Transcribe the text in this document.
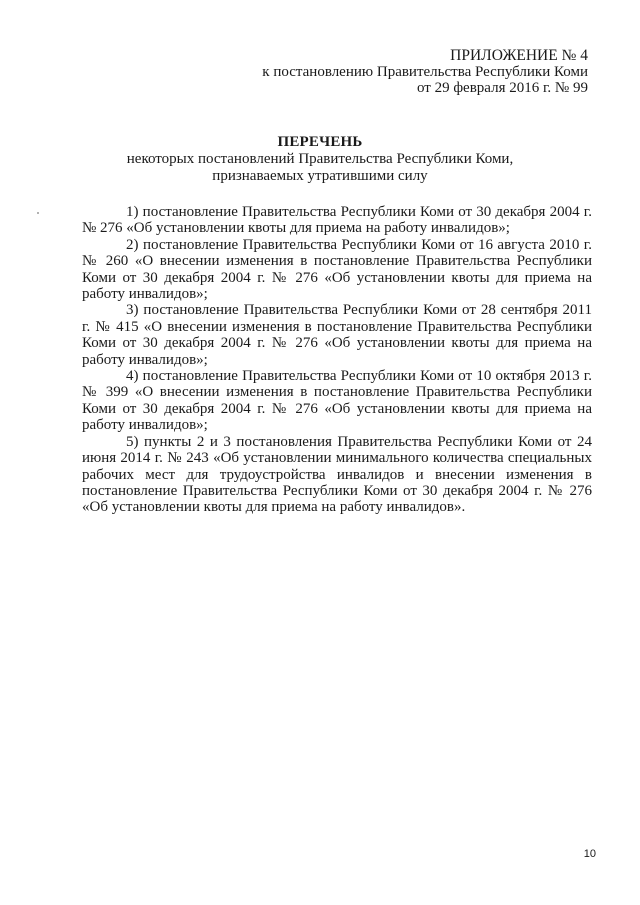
ПРИЛОЖЕНИЕ № 4
к постановлению Правительства Республики Коми
от 29 февраля 2016 г. № 99
ПЕРЕЧЕНЬ
некоторых постановлений Правительства Республики Коми,
признаваемых утратившими силу

1) постановление Правительства Республики Коми от 30 декабря 2004 г. № 276 «Об установлении квоты для приема на работу инвалидов»;

2) постановление Правительства Республики Коми от 16 августа 2010 г. № 260 «О внесении изменения в постановление Правительства Республики Коми от 30 декабря 2004 г. № 276 «Об установлении квоты для приема на работу инвалидов»;

3) постановление Правительства Республики Коми от 28 сентября 2011 г. № 415 «О внесении изменения в постановление Правительства Республики Коми от 30 декабря 2004 г. № 276 «Об установлении квоты для приема на работу инвалидов»;

4) постановление Правительства Республики Коми от 10 октября 2013 г. № 399 «О внесении изменения в постановление Правительства Республики Коми от 30 декабря 2004 г. № 276 «Об установлении квоты для приема на работу инвалидов»;

5) пункты 2 и 3 постановления Правительства Республики Коми от 24 июня 2014 г. № 243 «Об установлении минимального количества специальных рабочих мест для трудоустройства инвалидов и внесении изменения в постановление Правительства Республики Коми от 30 декабря 2004 г. № 276 «Об установлении квоты для приема на работу инвалидов».

10
